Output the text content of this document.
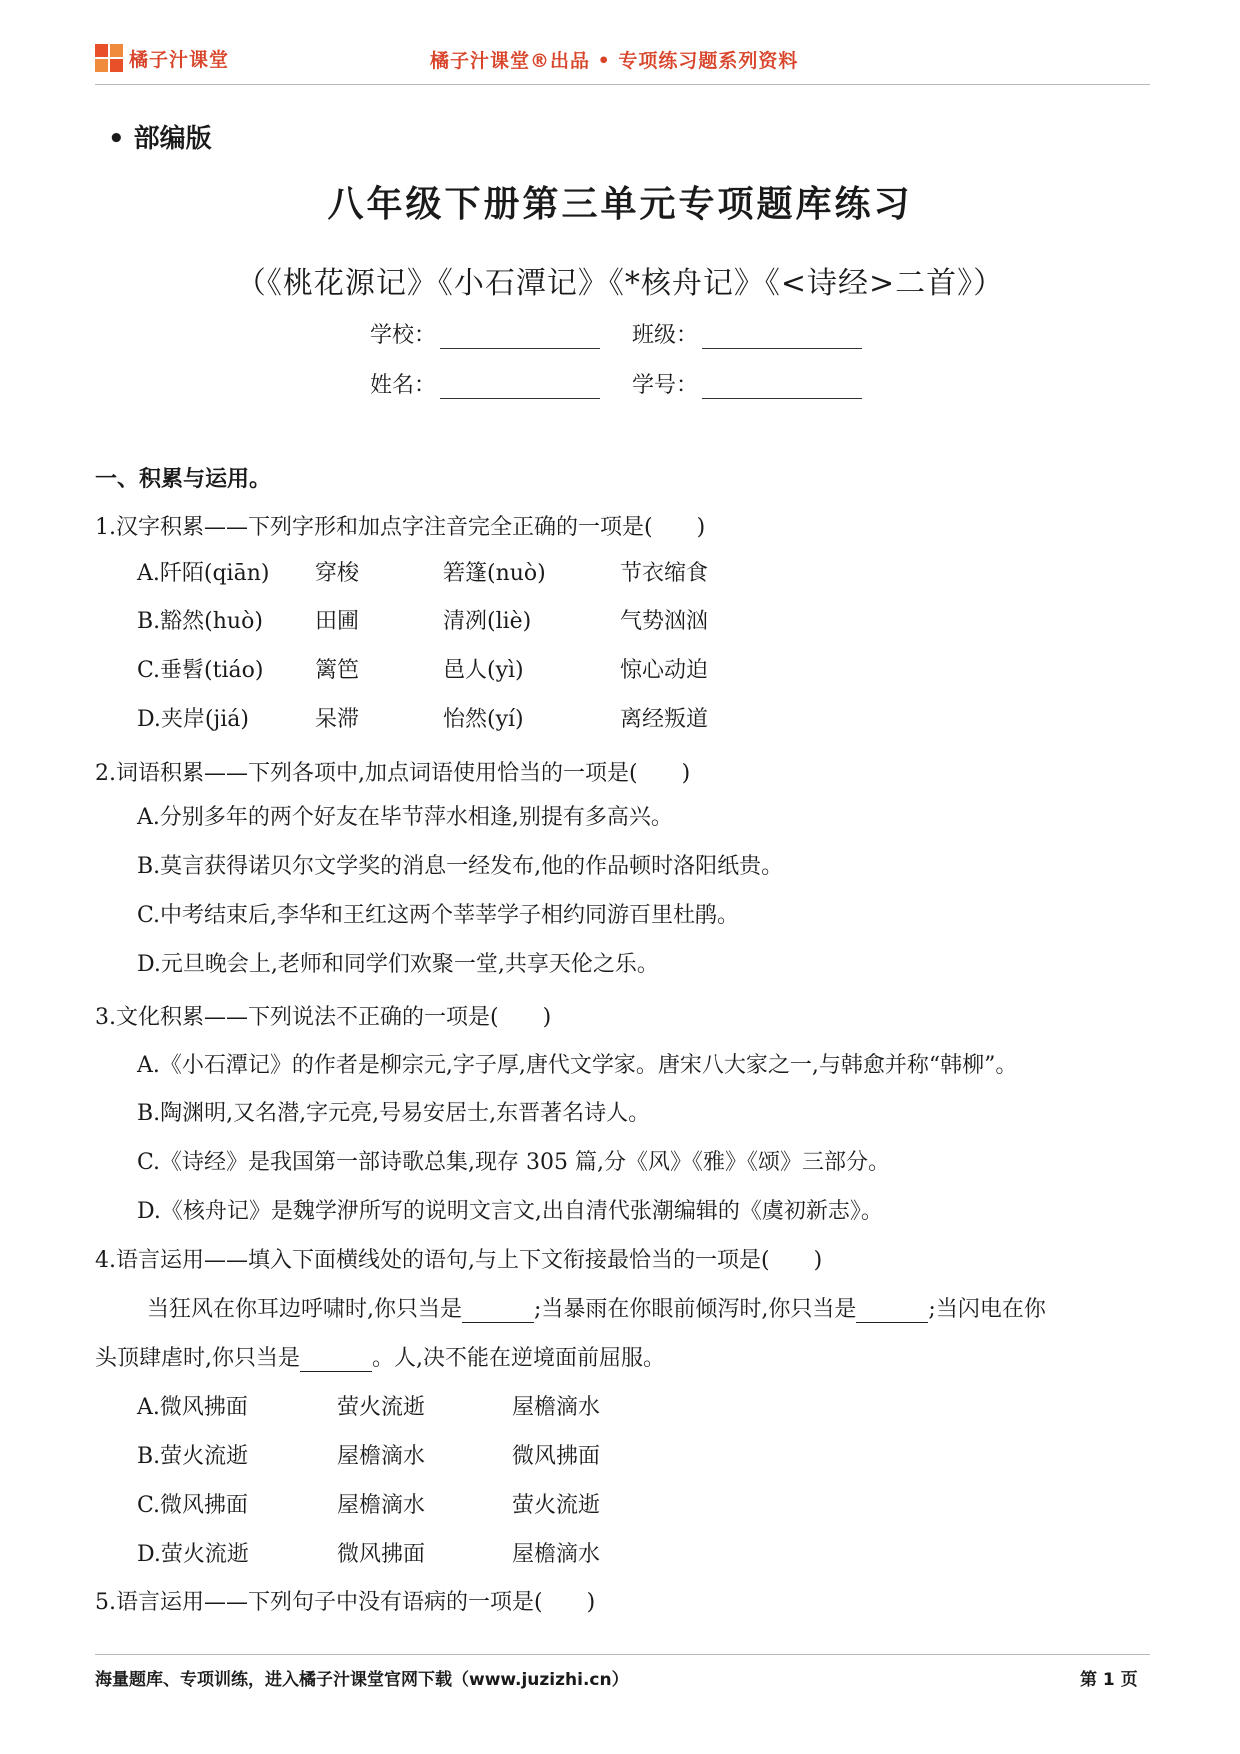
橘子汁课堂	橘子汁课堂®出品 • 专项练习题系列资料
• 部编版
八年级下册第三单元专项题库练习
（《桃花源记》《小石潭记》《*核舟记》《<诗经>二首》）
学校：	班级：
姓名：	学号：
一、积累与运用。
1.汉字积累——下列字形和加点字注音完全正确的一项是(　　)
A.阡陌(qiān) 穿梭	箬篷(nuò)	节衣缩食
B.豁然(huò) 田圃	清冽(liè)	气势汹汹
C.垂髫(tiáo) 篱笆	邑人(yì)	惊心动迫
D.夹岸(jiá)	呆滞	怡然(yí)	离经叛道
2.词语积累——下列各项中,加点词语使用恰当的一项是(　　)
A.分别多年的两个好友在毕节萍水相逢,别提有多高兴。
B.莫言获得诺贝尔文学奖的消息一经发布,他的作品顿时洛阳纸贵。
C.中考结束后,李华和王红这两个莘莘学子相约同游百里杜鹃。
D.元旦晚会上,老师和同学们欢聚一堂,共享天伦之乐。
3.文化积累——下列说法不正确的一项是(　　)
A.《小石潭记》的作者是柳宗元,字子厚,唐代文学家。唐宋八大家之一,与韩愈并称“韩柳”。
B.陶渊明,又名潜,字元亮,号易安居士,东晋著名诗人。
C.《诗经》是我国第一部诗歌总集,现存 305 篇,分《风》《雅》《颂》三部分。
D.《核舟记》是魏学洢所写的说明文言文,出自清代张潮编辑的《虞初新志》。
4.语言运用——填入下面横线处的语句,与上下文衔接最恰当的一项是(　　)
当狂风在你耳边呼啸时,你只当是	;当暴雨在你眼前倾泻时,你只当是	;当闪电在你
头顶肆虐时,你只当是	。人,决不能在逆境面前屈服。
A.微风拂面	萤火流逝	屋檐滴水
B.萤火流逝	屋檐滴水	微风拂面
C.微风拂面	屋檐滴水	萤火流逝
D.萤火流逝	微风拂面	屋檐滴水
5.语言运用——下列句子中没有语病的一项是(　　)
海量题库、专项训练，进入橘子汁课堂官网下载（www.juzizhi.cn）	第 1 页
